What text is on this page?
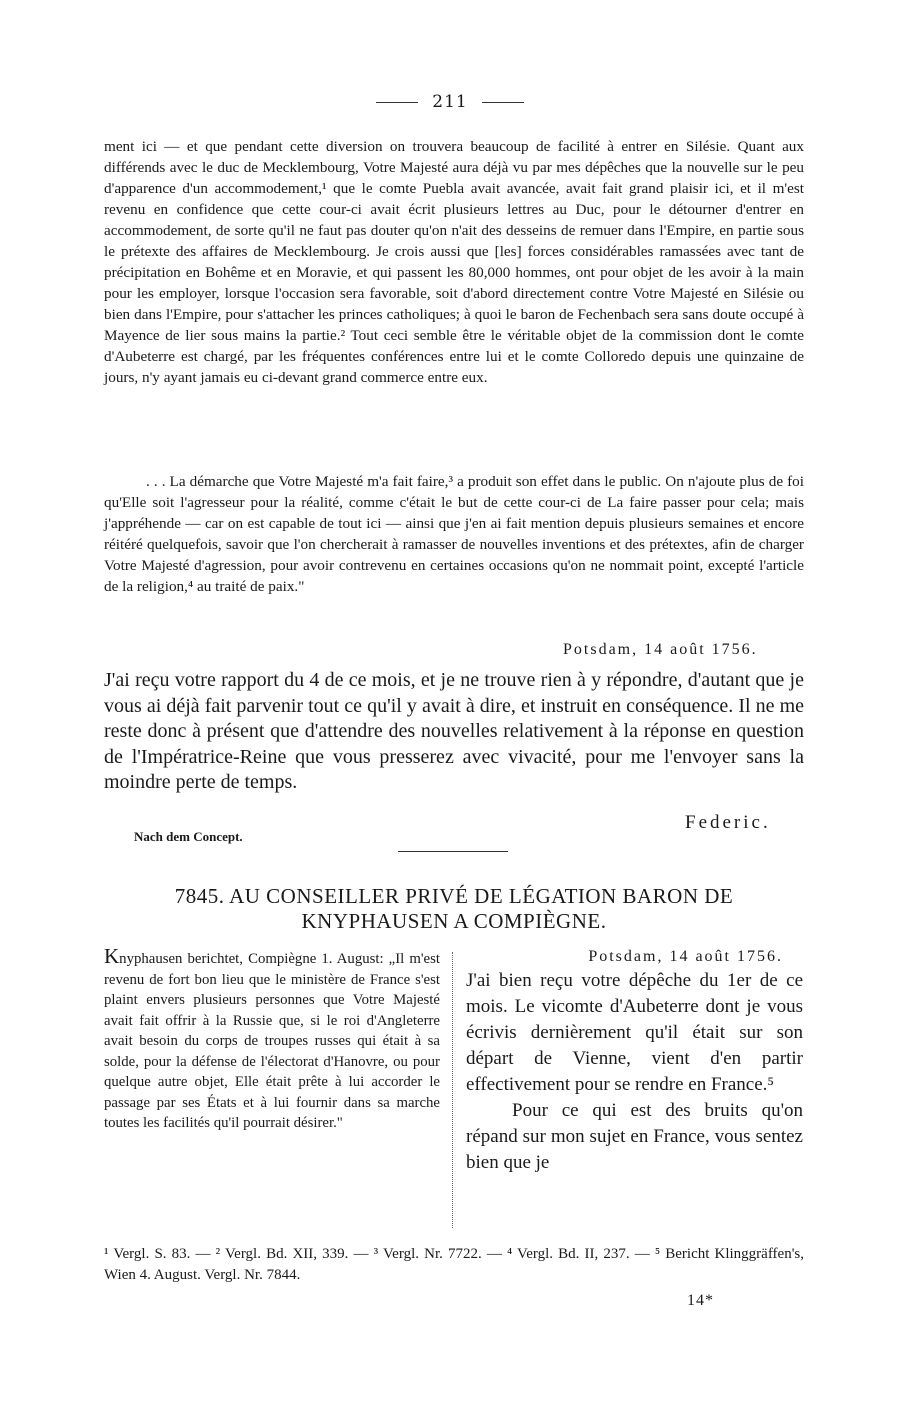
211

ment ici — et que pendant cette diversion on trouvera beaucoup de facilité à entrer en Silésie. Quant aux différends avec le duc de Mecklembourg, Votre Majesté aura déjà vu par mes dépêches que la nouvelle sur le peu d'apparence d'un accommodement,¹ que le comte Puebla avait avancée, avait fait grand plaisir ici, et il m'est revenu en confidence que cette cour-ci avait écrit plusieurs lettres au Duc, pour le détourner d'entrer en accommodement, de sorte qu'il ne faut pas douter qu'on n'ait des desseins de remuer dans l'Empire, en partie sous le prétexte des affaires de Mecklembourg. Je crois aussi que [les] forces considérables ramassées avec tant de précipitation en Bohême et en Moravie, et qui passent les 80,000 hommes, ont pour objet de les avoir à la main pour les employer, lorsque l'occasion sera favorable, soit d'abord directement contre Votre Majesté en Silésie ou bien dans l'Empire, pour s'attacher les princes catholiques; à quoi le baron de Fechenbach sera sans doute occupé à Mayence de lier sous mains la partie.² Tout ceci semble être le véritable objet de la commission dont le comte d'Aubeterre est chargé, par les fréquentes conférences entre lui et le comte Colloredo depuis une quinzaine de jours, n'y ayant jamais eu ci-devant grand commerce entre eux.

. . . La démarche que Votre Majesté m'a fait faire,³ a produit son effet dans le public. On n'ajoute plus de foi qu'Elle soit l'agresseur pour la réalité, comme c'était le but de cette cour-ci de La faire passer pour cela; mais j'appréhende — car on est capable de tout ici — ainsi que j'en ai fait mention depuis plusieurs semaines et encore réitéré quelquefois, savoir que l'on chercherait à ramasser de nouvelles inventions et des prétextes, afin de charger Votre Majesté d'agression, pour avoir contrevenu en certaines occasions qu'on ne nommait point, excepté l'article de la religion,⁴ au traité de paix."

Potsdam, 14 août 1756.

J'ai reçu votre rapport du 4 de ce mois, et je ne trouve rien à y répondre, d'autant que je vous ai déjà fait parvenir tout ce qu'il y avait à dire, et instruit en conséquence. Il ne me reste donc à présent que d'attendre des nouvelles relativement à la réponse en question de l'Impératrice-Reine que vous presserez avec vivacité, pour me l'envoyer sans la moindre perte de temps.

Federic.
Nach dem Concept.
7845. AU CONSEILLER PRIVÉ DE LÉGATION BARON DE
KNYPHAUSEN A COMPIÈGNE.

Knyphausen berichtet, Compiègne 1. August: „Il m'est revenu de fort bon lieu que le ministère de France s'est plaint envers plusieurs personnes que Votre Majesté avait fait offrir à la Russie que, si le roi d'Angleterre avait besoin du corps de troupes russes qui était à sa solde, pour la défense de l'électorat d'Hanovre, ou pour quelque autre objet, Elle était prête à lui accorder le passage par ses États et à lui fournir dans sa marche toutes les facilités qu'il pourrait désirer."

Potsdam, 14 août 1756.

J'ai bien reçu votre dépêche du 1er de ce mois. Le vicomte d'Aubeterre dont je vous écrivis dernièrement qu'il était sur son départ de Vienne, vient d'en partir effectivement pour se rendre en France.⁵

Pour ce qui est des bruits qu'on répand sur mon sujet en France, vous sentez bien que je

¹ Vergl. S. 83. — ² Vergl. Bd. XII, 339. — ³ Vergl. Nr. 7722. — ⁴ Vergl. Bd. II, 237. — ⁵ Bericht Klinggräffen's, Wien 4. August. Vergl. Nr. 7844.

14*
